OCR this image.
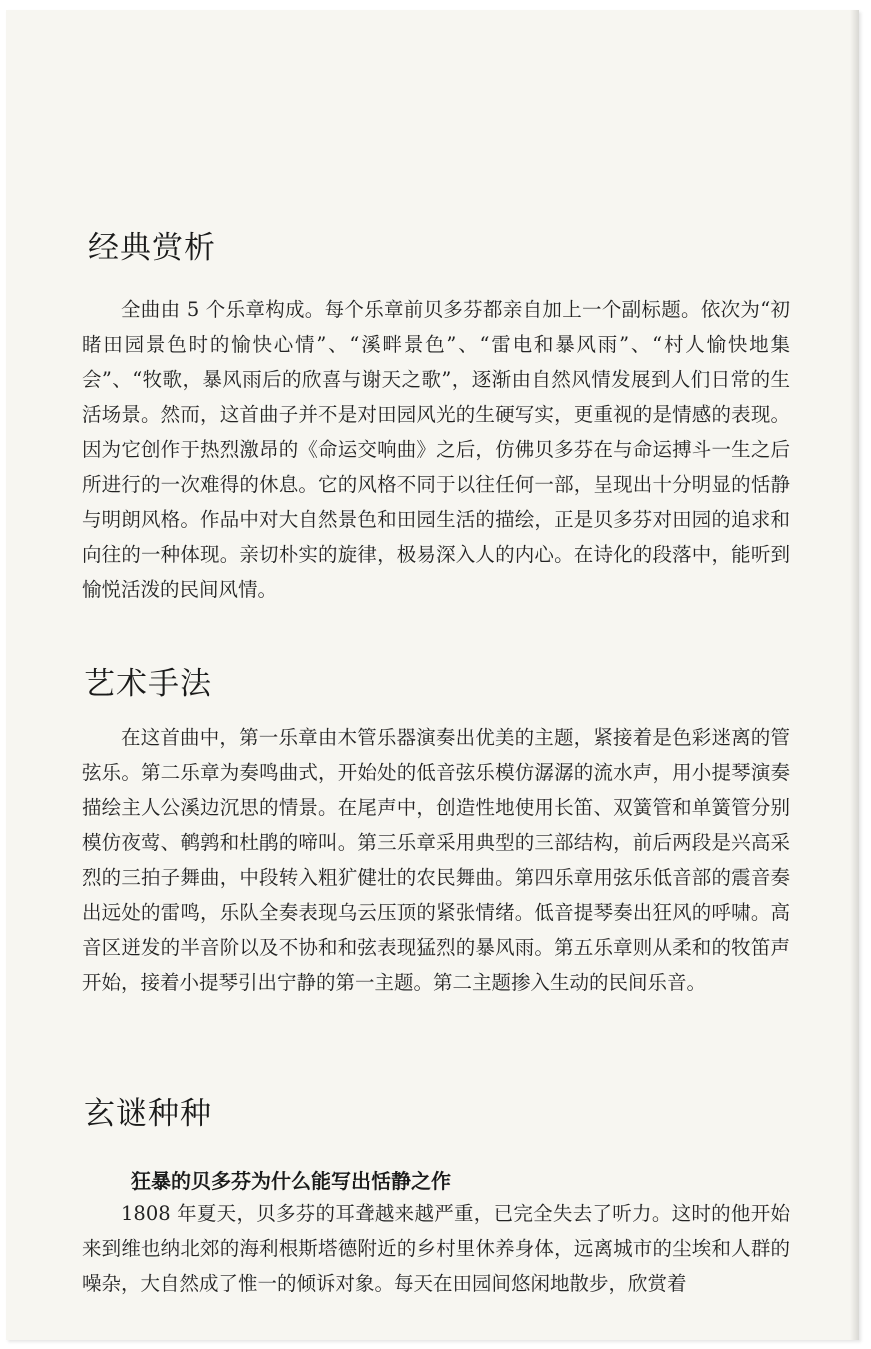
经典赏析

全曲由 5 个乐章构成。每个乐章前贝多芬都亲自加上一个副标题。依次为“初睹田园景色时的愉快心情”、“溪畔景色”、“雷电和暴风雨”、“村人愉快地集会”、“牧歌，暴风雨后的欣喜与谢天之歌”，逐渐由自然风情发展到人们日常的生活场景。然而，这首曲子并不是对田园风光的生硬写实，更重视的是情感的表现。因为它创作于热烈激昂的《命运交响曲》之后，仿佛贝多芬在与命运搏斗一生之后所进行的一次难得的休息。它的风格不同于以往任何一部，呈现出十分明显的恬静与明朗风格。作品中对大自然景色和田园生活的描绘，正是贝多芬对田园的追求和向往的一种体现。亲切朴实的旋律，极易深入人的内心。在诗化的段落中，能听到愉悦活泼的民间风情。

艺术手法

在这首曲中，第一乐章由木管乐器演奏出优美的主题，紧接着是色彩迷离的管弦乐。第二乐章为奏鸣曲式，开始处的低音弦乐模仿潺潺的流水声，用小提琴演奏描绘主人公溪边沉思的情景。在尾声中，创造性地使用长笛、双簧管和单簧管分别模仿夜莺、鹌鹑和杜鹃的啼叫。第三乐章采用典型的三部结构，前后两段是兴高采烈的三拍子舞曲，中段转入粗犷健壮的农民舞曲。第四乐章用弦乐低音部的震音奏出远处的雷鸣，乐队全奏表现乌云压顶的紧张情绪。低音提琴奏出狂风的呼啸。高音区迸发的半音阶以及不协和和弦表现猛烈的暴风雨。第五乐章则从柔和的牧笛声开始，接着小提琴引出宁静的第一主题。第二主题掺入生动的民间乐音。

玄谜种种
狂暴的贝多芬为什么能写出恬静之作

1808 年夏天，贝多芬的耳聋越来越严重，已完全失去了听力。这时的他开始来到维也纳北郊的海利根斯塔德附近的乡村里休养身体，远离城市的尘埃和人群的噪杂，大自然成了惟一的倾诉对象。每天在田园间悠闲地散步，欣赏着
